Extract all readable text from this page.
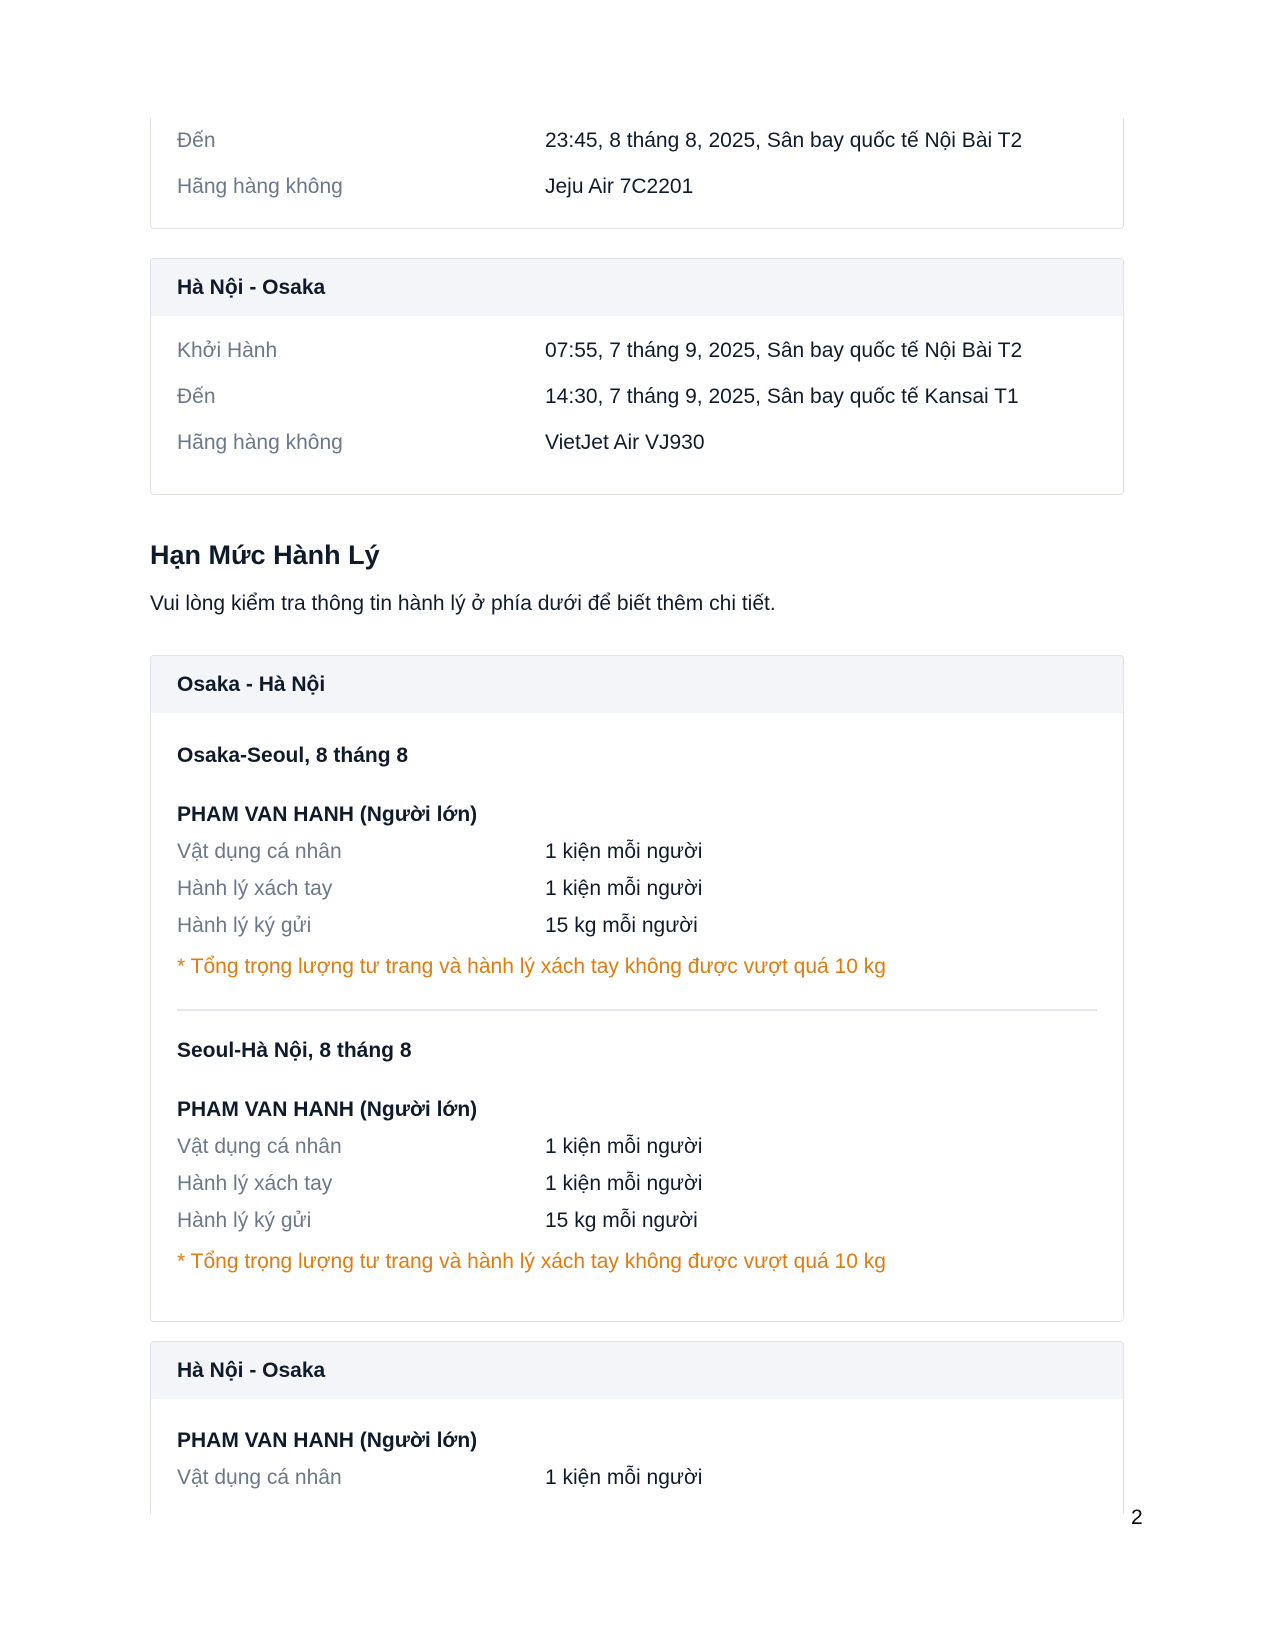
Đến	23:45, 8 tháng 8, 2025, Sân bay quốc tế Nội Bài T2
Hãng hàng không	Jeju Air 7C2201
Hà Nội - Osaka
Khởi Hành	07:55, 7 tháng 9, 2025, Sân bay quốc tế Nội Bài T2
Đến	14:30, 7 tháng 9, 2025, Sân bay quốc tế Kansai T1
Hãng hàng không	VietJet Air VJ930
Hạn Mức Hành Lý
Vui lòng kiểm tra thông tin hành lý ở phía dưới để biết thêm chi tiết.
Osaka - Hà Nội
Osaka-Seoul, 8 tháng 8
PHAM VAN HANH (Người lớn)
Vật dụng cá nhân	1 kiện mỗi người
Hành lý xách tay	1 kiện mỗi người
Hành lý ký gửi	15 kg mỗi người
* Tổng trọng lượng tư trang và hành lý xách tay không được vượt quá 10 kg
Seoul-Hà Nội, 8 tháng 8
PHAM VAN HANH (Người lớn)
Vật dụng cá nhân	1 kiện mỗi người
Hành lý xách tay	1 kiện mỗi người
Hành lý ký gửi	15 kg mỗi người
* Tổng trọng lượng tư trang và hành lý xách tay không được vượt quá 10 kg
Hà Nội - Osaka
PHAM VAN HANH (Người lớn)
Vật dụng cá nhân	1 kiện mỗi người
2
